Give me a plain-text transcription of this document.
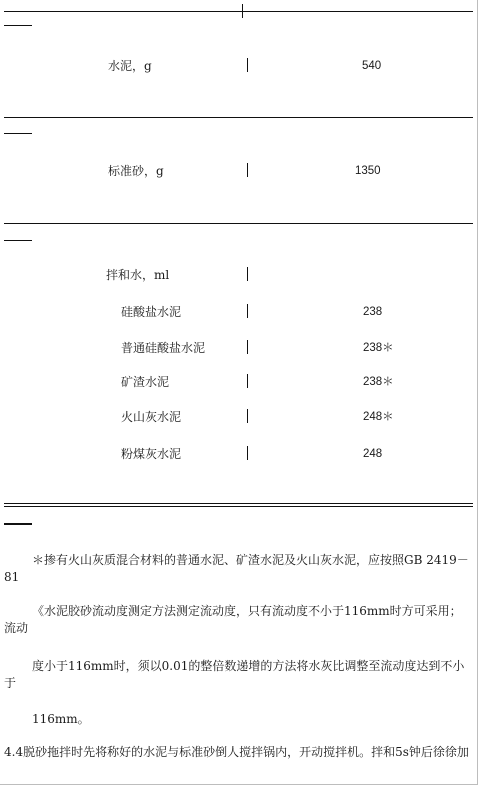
水泥，g	540
标准砂，g	1350
拌和水，ml
硅酸盐水泥	238
普通硅酸盐水泥	238＊
矿渣水泥	238＊
火山灰水泥	248＊
粉煤灰水泥	248
＊掺有火山灰质混合材料的普通水泥、矿渣水泥及火山灰水泥，应按照GB 2419－81
《水泥胶砂流动度测定方法测定流动度，只有流动度不小于116mm时方可采用；流动
度小于116mm时，须以0.01的整倍数递增的方法将水灰比调整至流动度达到不小于
116mm。
4.4脱砂拖拌时先将称好的水泥与标准砂倒人搅拌锅内，开动搅拌机。拌和5s钟后徐徐加
